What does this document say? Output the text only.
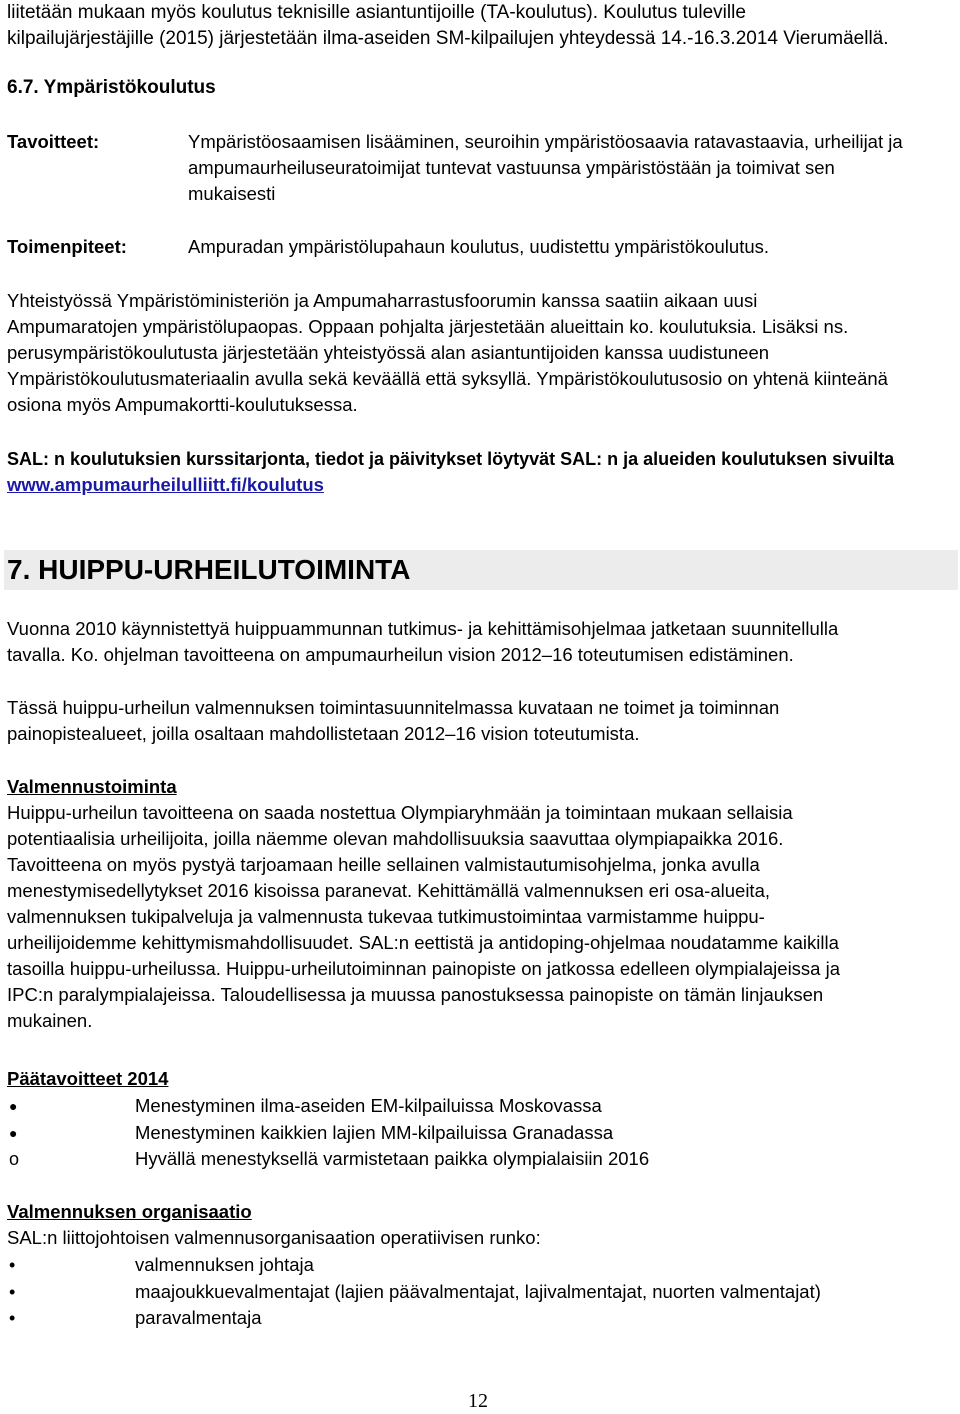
liitetään mukaan myös koulutus teknisille asiantuntijoille (TA-koulutus). Koulutus tuleville
kilpailujärjestäjille (2015) järjestetään ilma-aseiden SM-kilpailujen yhteydessä 14.-16.3.2014 Vierumäellä.
6.7. Ympäristökoulutus
Tavoitteet:	Ympäristöosaamisen lisääminen, seuroihin ympäristöosaavia ratavastaavia, urheilijat ja
ampumaurheiluseuratoimijat tuntevat vastuunsa ympäristöstään ja toimivat sen
mukaisesti
Toimenpiteet:	Ampuradan ympäristölupahaun koulutus, uudistettu ympäristökoulutus.
Yhteistyössä Ympäristöministeriön ja Ampumaharrastusfoorumin kanssa saatiin aikaan uusi
Ampumaratojen ympäristölupaopas. Oppaan pohjalta järjestetään alueittain ko. koulutuksia. Lisäksi ns.
perusympäristökoulutusta järjestetään yhteistyössä alan asiantuntijoiden kanssa uudistuneen
Ympäristökoulutusmateriaalin avulla sekä keväällä että syksyllä. Ympäristökoulutusosio on yhtenä kiinteänä
osiona myös Ampumakortti-koulutuksessa.
SAL: n koulutuksien kurssitarjonta, tiedot ja päivitykset löytyvät SAL: n ja alueiden koulutuksen sivuilta
www.ampumaurheilulliitt.fi/koulutus
7. HUIPPU-URHEILUTOIMINTA
Vuonna 2010 käynnistettyä huippuammunnan tutkimus- ja kehittämisohjelmaa jatketaan suunnitellulla
tavalla. Ko. ohjelman tavoitteena on ampumaurheilun vision 2012–16 toteutumisen edistäminen.
Tässä huippu-urheilun valmennuksen toimintasuunnitelmassa kuvataan ne toimet ja toiminnan
painopistealueet, joilla osaltaan mahdollistetaan 2012–16 vision toteutumista.
Valmennustoiminta
Huippu-urheilun tavoitteena on saada nostettua Olympiaryhmään ja toimintaan mukaan sellaisia
potentiaalisia urheilijoita, joilla näemme olevan mahdollisuuksia saavuttaa olympiapaikka 2016.
Tavoitteena on myös pystyä tarjoamaan heille sellainen valmistautumisohjelma, jonka avulla
menestymisedellytykset 2016 kisoissa paranevat. Kehittämällä valmennuksen eri osa-alueita,
valmennuksen tukipalveluja ja valmennusta tukevaa tutkimustoimintaa varmistamme huippu-
urheilijoidemme kehittymismahdollisuudet. SAL:n eettistä ja antidoping-ohjelmaa noudatamme kaikilla
tasoilla huippu-urheilussa. Huippu-urheilutoiminnan painopiste on jatkossa edelleen olympialajeissa ja
IPC:n paralympialajeissa. Taloudellisessa ja muussa panostuksessa painopiste on tämän linjauksen
mukainen.
Päätavoitteet 2014
●	Menestyminen ilma-aseiden EM-kilpailuissa Moskovassa
●	Menestyminen kaikkien lajien MM-kilpailuissa Granadassa
o	Hyvällä menestyksellä varmistetaan paikka olympialaisiin 2016
Valmennuksen organisaatio
SAL:n liittojohtoisen valmennusorganisaation operatiivisen runko:
•	valmennuksen johtaja
•	maajoukkuevalmentajat (lajien päävalmentajat, lajivalmentajat, nuorten valmentajat)
•	paravalmentaja
12
